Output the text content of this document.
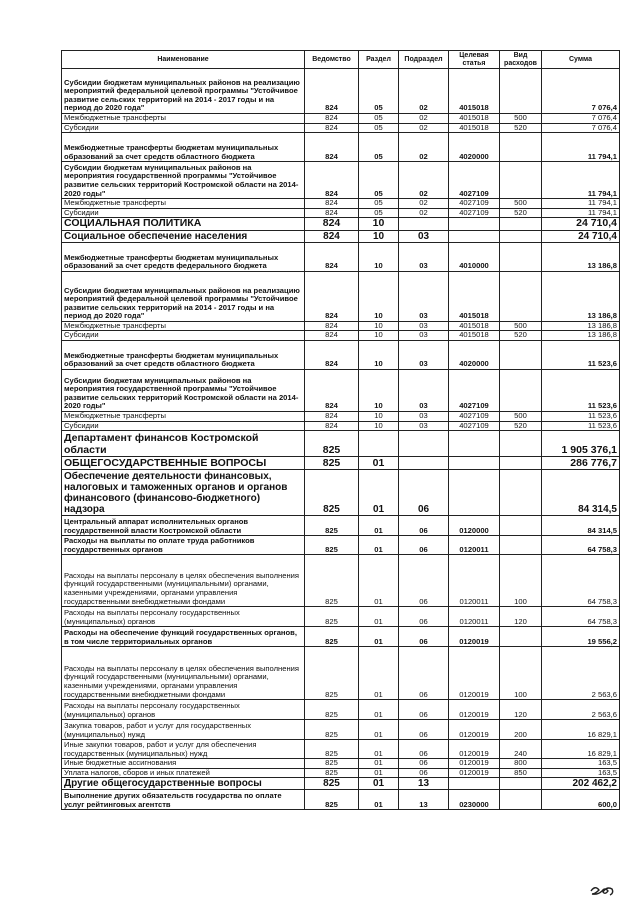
Наименование	Ведомство	Раздел	Подраздел	Целевая статья	Вид расходов	Сумма
Субсидии бюджетам муниципальных районов на реализацию мероприятий федеральной целевой программы "Устойчивое развитие сельских территорий на 2014 - 2017 годы и на период до 2020 года"	824	05	02	4015018		7 076,4
Межбюджетные трансферты	824	05	02	4015018	500	7 076,4
Субсидии	824	05	02	4015018	520	7 076,4
Межбюджетные трансферты бюджетам муниципальных образований за счет средств областного бюджета	824	05	02	4020000		11 794,1
Субсидии бюджетам муниципальных районов на мероприятия государственной программы "Устойчивое развитие сельских территорий Костромской области на 2014-2020 годы"	824	05	02	4027109		11 794,1
Межбюджетные трансферты	824	05	02	4027109	500	11 794,1
Субсидии	824	05	02	4027109	520	11 794,1
СОЦИАЛЬНАЯ ПОЛИТИКА	824	10				24 710,4
Социальное обеспечение населения	824	10	03			24 710,4
Межбюджетные трансферты бюджетам муниципальных образований за счет средств федерального бюджета	824	10	03	4010000		13 186,8
Субсидии бюджетам муниципальных районов на реализацию мероприятий федеральной целевой программы "Устойчивое развитие сельских территорий на 2014 - 2017 годы и на период до 2020 года"	824	10	03	4015018		13 186,8
Межбюджетные трансферты	824	10	03	4015018	500	13 186,8
Субсидии	824	10	03	4015018	520	13 186,8
Межбюджетные трансферты бюджетам муниципальных образований за счет средств областного бюджета	824	10	03	4020000		11 523,6
Субсидии бюджетам муниципальных районов на мероприятия государственной программы "Устойчивое развитие сельских территорий Костромской области на 2014-2020 годы"	824	10	03	4027109		11 523,6
Межбюджетные трансферты	824	10	03	4027109	500	11 523,6
Субсидии	824	10	03	4027109	520	11 523,6
Департамент финансов Костромской области	825					1 905 376,1
ОБЩЕГОСУДАРСТВЕННЫЕ ВОПРОСЫ	825	01				286 776,7
Обеспечение деятельности финансовых, налоговых и таможенных органов и органов финансового (финансово-бюджетного) надзора	825	01	06			84 314,5
Центральный аппарат исполнительных органов государственной власти Костромской области	825	01	06	0120000		84 314,5
Расходы на выплаты по оплате труда работников государственных органов	825	01	06	0120011		64 758,3
Расходы на выплаты персоналу в целях обеспечения выполнения функций государственными (муниципальными) органами, казенными учреждениями, органами управления государственными внебюджетными фондами	825	01	06	0120011	100	64 758,3
Расходы на выплаты персоналу государственных (муниципальных) органов	825	01	06	0120011	120	64 758,3
Расходы на обеспечение функций государственных органов, в том числе территориальных органов	825	01	06	0120019		19 556,2
Расходы на выплаты персоналу в целях обеспечения выполнения функций государственными (муниципальными) органами, казенными учреждениями, органами управления государственными внебюджетными фондами	825	01	06	0120019	100	2 563,6
Расходы на выплаты персоналу государственных (муниципальных) органов	825	01	06	0120019	120	2 563,6
Закупка товаров, работ и услуг для государственных (муниципальных) нужд	825	01	06	0120019	200	16 829,1
Иные закупки товаров, работ и услуг для обеспечения государственных (муниципальных) нужд	825	01	06	0120019	240	16 829,1
Иные бюджетные ассигнования	825	01	06	0120019	800	163,5
Уплата налогов, сборов и иных платежей	825	01	06	0120019	850	163,5
Другие общегосударственные вопросы	825	01	13			202 462,2
Выполнение других обязательств государства по оплате услуг рейтинговых агентств	825	01	13	0230000		600,0
